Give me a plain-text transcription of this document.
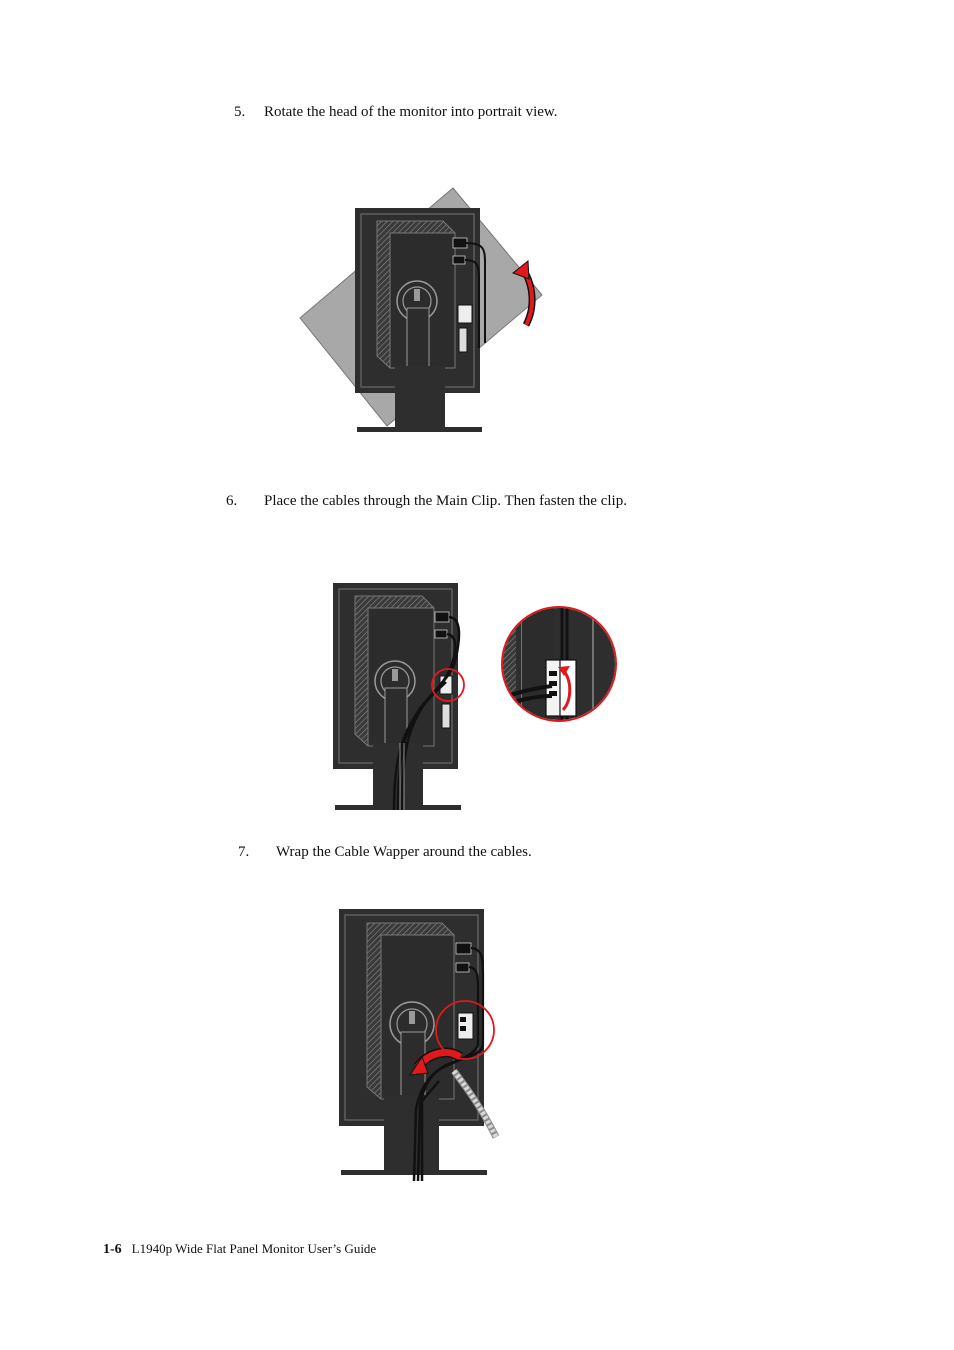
5. Rotate the head of the monitor into portrait view.
6. Place the cables through the Main Clip. Then fasten the clip.
7. Wrap the Cable Wapper around the cables.
1-6 L1940p Wide Flat Panel Monitor User’s Guide
